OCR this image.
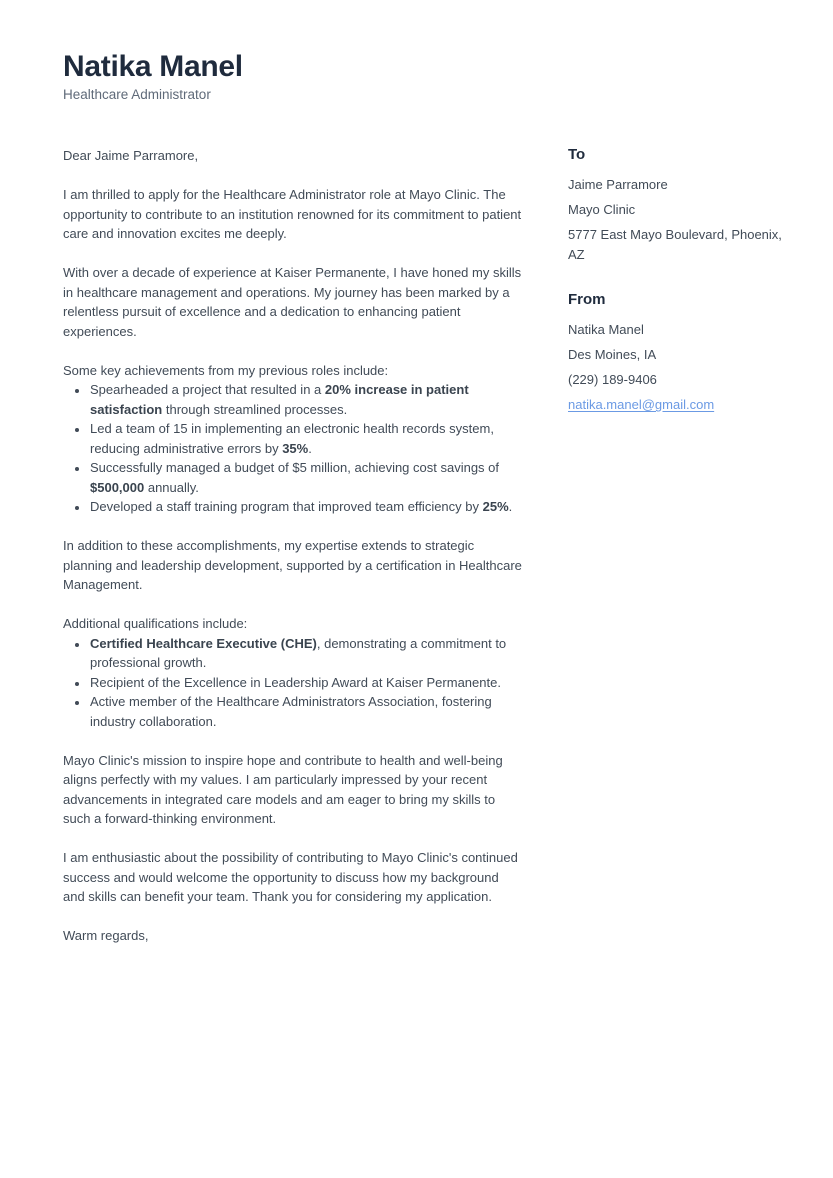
Natika Manel
Healthcare Administrator

Dear Jaime Parramore,

I am thrilled to apply for the Healthcare Administrator role at Mayo Clinic. The opportunity to contribute to an institution renowned for its commitment to patient care and innovation excites me deeply.

With over a decade of experience at Kaiser Permanente, I have honed my skills in healthcare management and operations. My journey has been marked by a relentless pursuit of excellence and a dedication to enhancing patient experiences.

Some key achievements from my previous roles include:

• Spearheaded a project that resulted in a 20% increase in patient satisfaction through streamlined processes.
• Led a team of 15 in implementing an electronic health records system, reducing administrative errors by 35%.
• Successfully managed a budget of $5 million, achieving cost savings of $500,000 annually.
• Developed a staff training program that improved team efficiency by 25%.

In addition to these accomplishments, my expertise extends to strategic planning and leadership development, supported by a certification in Healthcare Management.

Additional qualifications include:

• Certified Healthcare Executive (CHE), demonstrating a commitment to professional growth.
• Recipient of the Excellence in Leadership Award at Kaiser Permanente.
• Active member of the Healthcare Administrators Association, fostering industry collaboration.

Mayo Clinic's mission to inspire hope and contribute to health and well-being aligns perfectly with my values. I am particularly impressed by your recent advancements in integrated care models and am eager to bring my skills to such a forward-thinking environment.

I am enthusiastic about the possibility of contributing to Mayo Clinic's continued success and would welcome the opportunity to discuss how my background and skills can benefit your team. Thank you for considering my application.

Warm regards,

To
Jaime Parramore
Mayo Clinic
5777 East Mayo Boulevard, Phoenix, AZ
From
Natika Manel
Des Moines, IA
(229) 189-9406
natika.manel@gmail.com
